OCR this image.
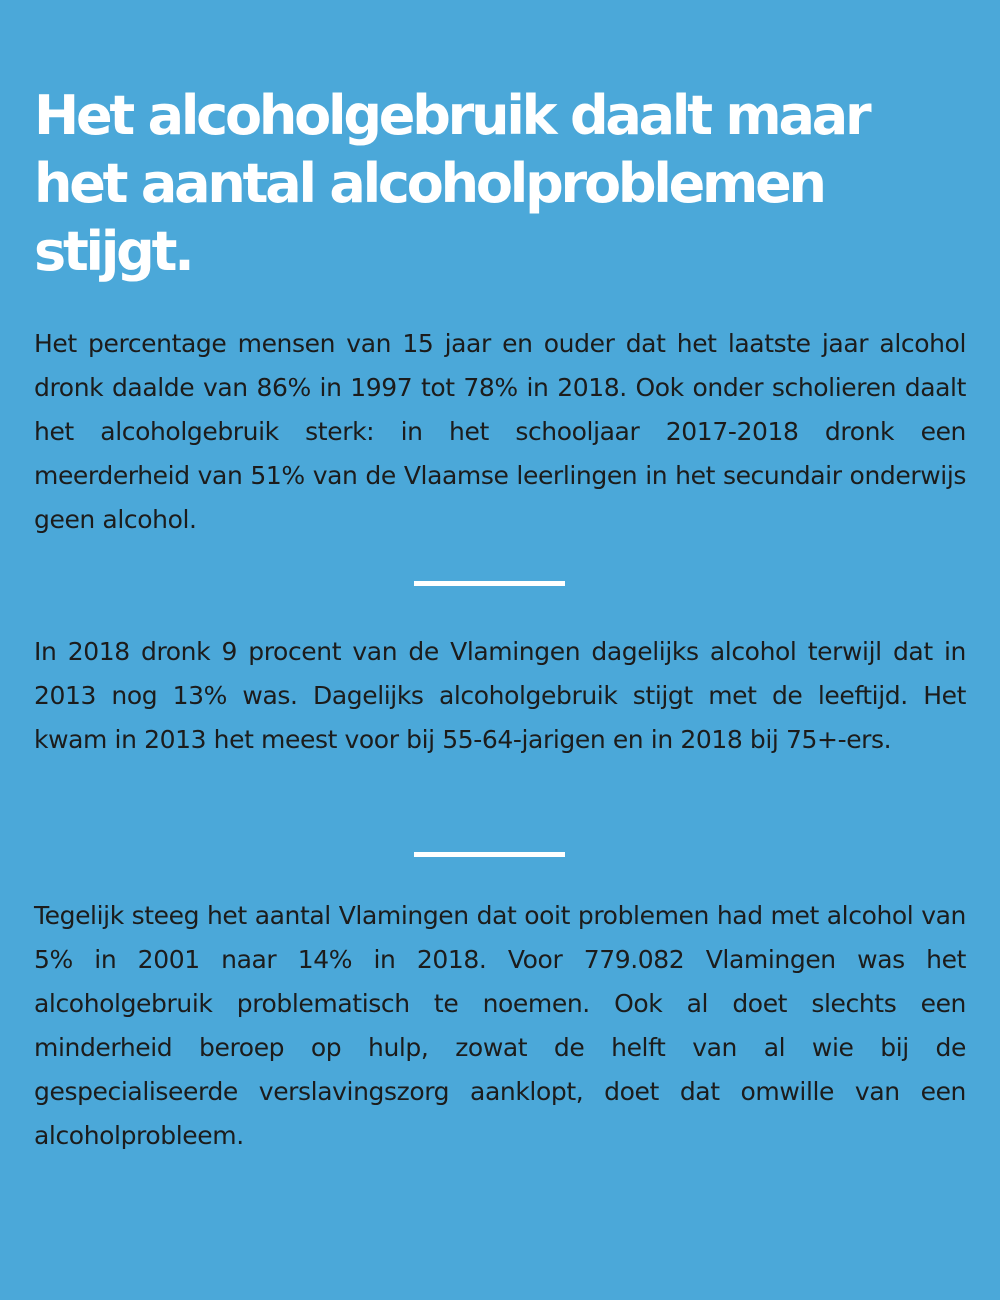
Het alcoholgebruik daalt maar het aantal alcoholproblemen stijgt.

Het percentage mensen van 15 jaar en ouder dat het laatste jaar alcohol dronk daalde van 86% in 1997 tot 78% in 2018. Ook onder scholieren daalt het alcoholgebruik sterk: in het schooljaar 2017-2018 dronk een meerderheid van 51% van de Vlaamse leerlingen in het secundair onderwijs geen alcohol.

In 2018 dronk 9 procent van de Vlamingen dagelijks alcohol terwijl dat in 2013 nog 13% was. Dagelijks alcoholgebruik stijgt met de leeftijd. Het kwam in 2013 het meest voor bij 55-64-jarigen en in 2018 bij 75+-ers.

Tegelijk steeg het aantal Vlamingen dat ooit problemen had met alcohol van 5% in 2001 naar 14% in 2018. Voor 779.082 Vlamingen was het alcoholgebruik problematisch te noemen. Ook al doet slechts een minderheid beroep op hulp, zowat de helft van al wie bij de gespecialiseerde verslavingszorg aanklopt, doet dat omwille van een alcoholprobleem.
